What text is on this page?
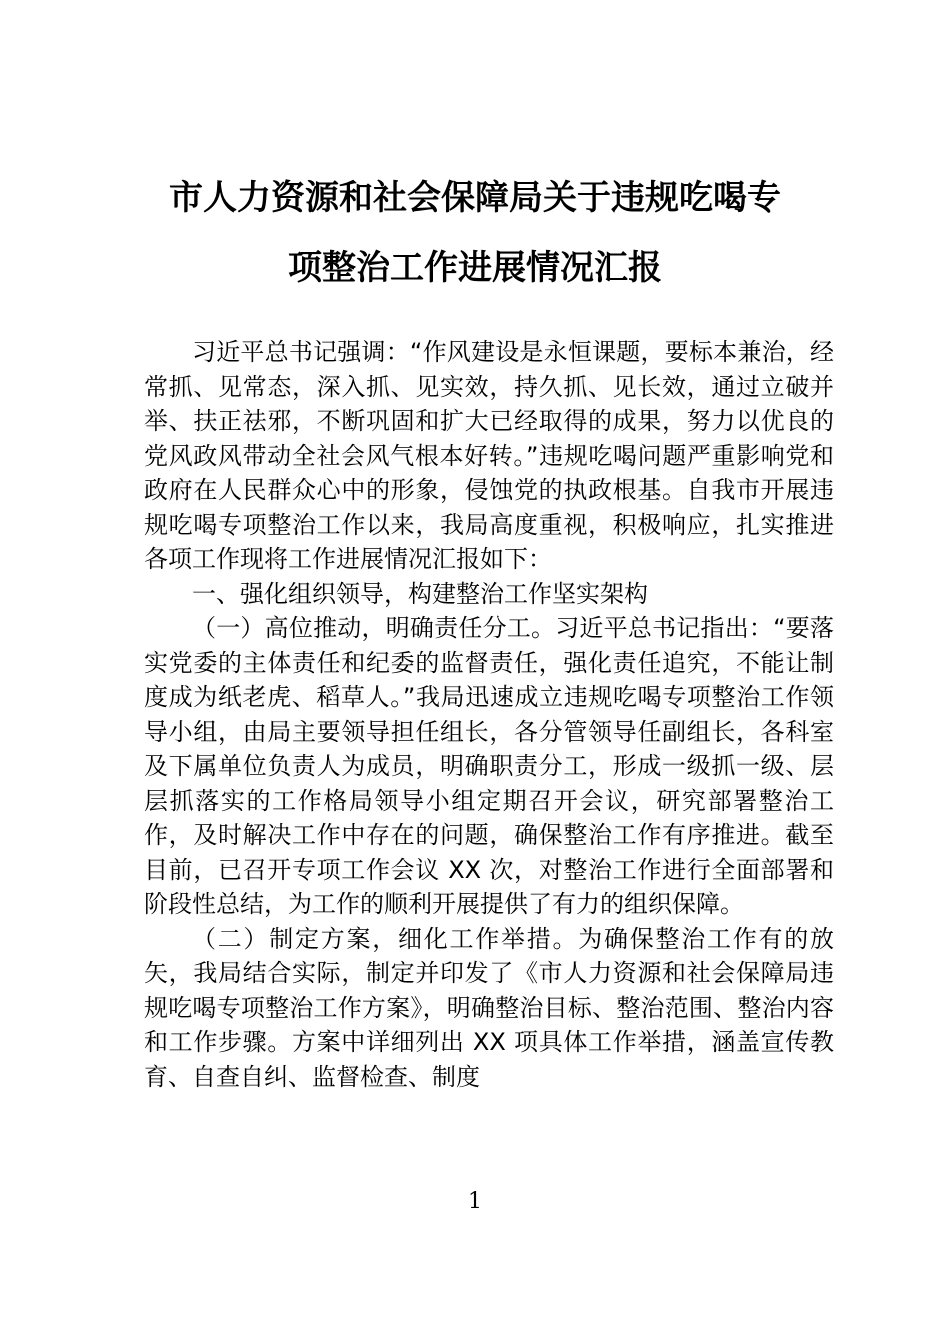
市人力资源和社会保障局关于违规吃喝专
项整治工作进展情况汇报

习近平总书记强调：“作风建设是永恒课题，要标本兼治，经常抓、见常态，深入抓、见实效，持久抓、见长效，通过立破并举、扶正祛邪，不断巩固和扩大已经取得的成果，努力以优良的党风政风带动全社会风气根本好转。”违规吃喝问题严重影响党和政府在人民群众心中的形象，侵蚀党的执政根基。自我市开展违规吃喝专项整治工作以来，我局高度重视，积极响应，扎实推进各项工作现将工作进展情况汇报如下：

一、强化组织领导，构建整治工作坚实架构

（一）高位推动，明确责任分工。习近平总书记指出：“要落实党委的主体责任和纪委的监督责任，强化责任追究，不能让制度成为纸老虎、稻草人。”我局迅速成立违规吃喝专项整治工作领导小组，由局主要领导担任组长，各分管领导任副组长，各科室及下属单位负责人为成员，明确职责分工，形成一级抓一级、层层抓落实的工作格局领导小组定期召开会议，研究部署整治工作，及时解决工作中存在的问题，确保整治工作有序推进。截至目前，已召开专项工作会议 XX 次，对整治工作进行全面部署和阶段性总结，为工作的顺利开展提供了有力的组织保障。

（二）制定方案，细化工作举措。为确保整治工作有的放矢，我局结合实际，制定并印发了《市人力资源和社会保障局违规吃喝专项整治工作方案》，明确整治目标、整治范围、整治内容和工作步骤。方案中详细列出 XX 项具体工作举措，涵盖宣传教育、自查自纠、监督检查、制度

1
